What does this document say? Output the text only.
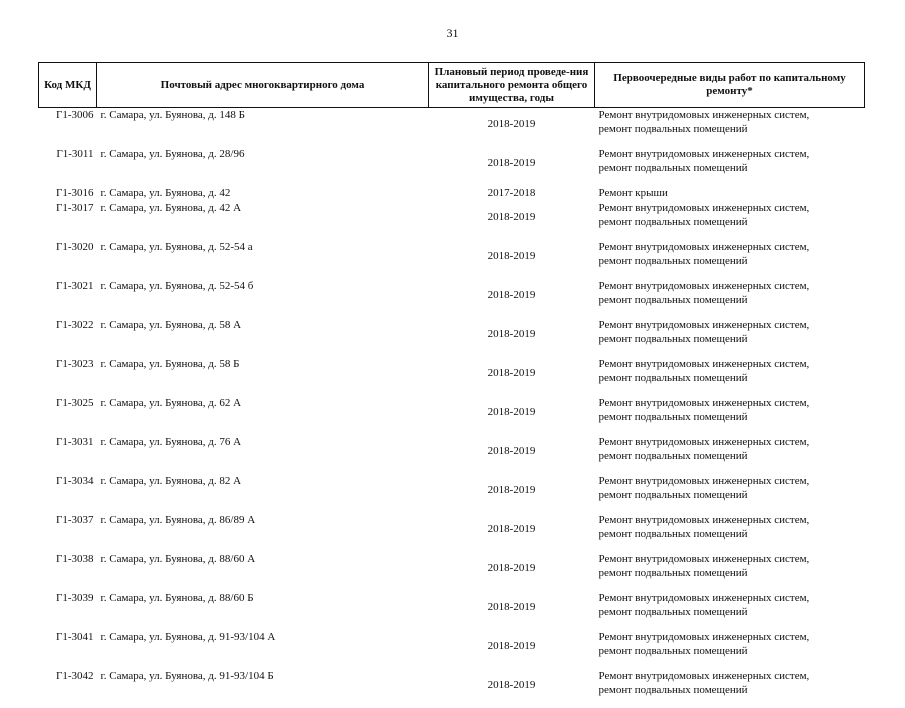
31
Код МКД	Почтовый адрес многоквартирного дома	Плановый период проведе-ния капитального ремонта общего имущества, годы	Первоочередные виды работ по капитальному ремонту*
Г1-3006	г. Самара, ул. Буянова, д. 148 Б	2018-2019	Ремонт внутридомовых инженерных систем,
ремонт подвальных помещений

Г1-3011	г. Самара, ул. Буянова, д. 28/96	2018-2019	Ремонт внутридомовых инженерных систем,
ремонт подвальных помещений

Г1-3016	г. Самара, ул. Буянова, д. 42	2017-2018	Ремонт крыши

Г1-3017	г. Самара, ул. Буянова, д. 42 А	2018-2019	Ремонт внутридомовых инженерных систем,
ремонт подвальных помещений

Г1-3020	г. Самара, ул. Буянова, д. 52-54 а	2018-2019	Ремонт внутридомовых инженерных систем,
ремонт подвальных помещений

Г1-3021	г. Самара, ул. Буянова, д. 52-54 б	2018-2019	Ремонт внутридомовых инженерных систем,
ремонт подвальных помещений

Г1-3022	г. Самара, ул. Буянова, д. 58 А	2018-2019	Ремонт внутридомовых инженерных систем,
ремонт подвальных помещений

Г1-3023	г. Самара, ул. Буянова, д. 58 Б	2018-2019	Ремонт внутридомовых инженерных систем,
ремонт подвальных помещений

Г1-3025	г. Самара, ул. Буянова, д. 62 А	2018-2019	Ремонт внутридомовых инженерных систем,
ремонт подвальных помещений

Г1-3031	г. Самара, ул. Буянова, д. 76 А	2018-2019	Ремонт внутридомовых инженерных систем,
ремонт подвальных помещений

Г1-3034	г. Самара, ул. Буянова, д. 82 А	2018-2019	Ремонт внутридомовых инженерных систем,
ремонт подвальных помещений

Г1-3037	г. Самара, ул. Буянова, д. 86/89 А	2018-2019	Ремонт внутридомовых инженерных систем,
ремонт подвальных помещений

Г1-3038	г. Самара, ул. Буянова, д. 88/60 А	2018-2019	Ремонт внутридомовых инженерных систем,
ремонт подвальных помещений

Г1-3039	г. Самара, ул. Буянова, д. 88/60 Б	2018-2019	Ремонт внутридомовых инженерных систем,
ремонт подвальных помещений

Г1-3041	г. Самара, ул. Буянова, д. 91-93/104 А	2018-2019	Ремонт внутридомовых инженерных систем,
ремонт подвальных помещений

Г1-3042	г. Самара, ул. Буянова, д. 91-93/104 Б	2018-2019	Ремонт внутридомовых инженерных систем,
ремонт подвальных помещений
